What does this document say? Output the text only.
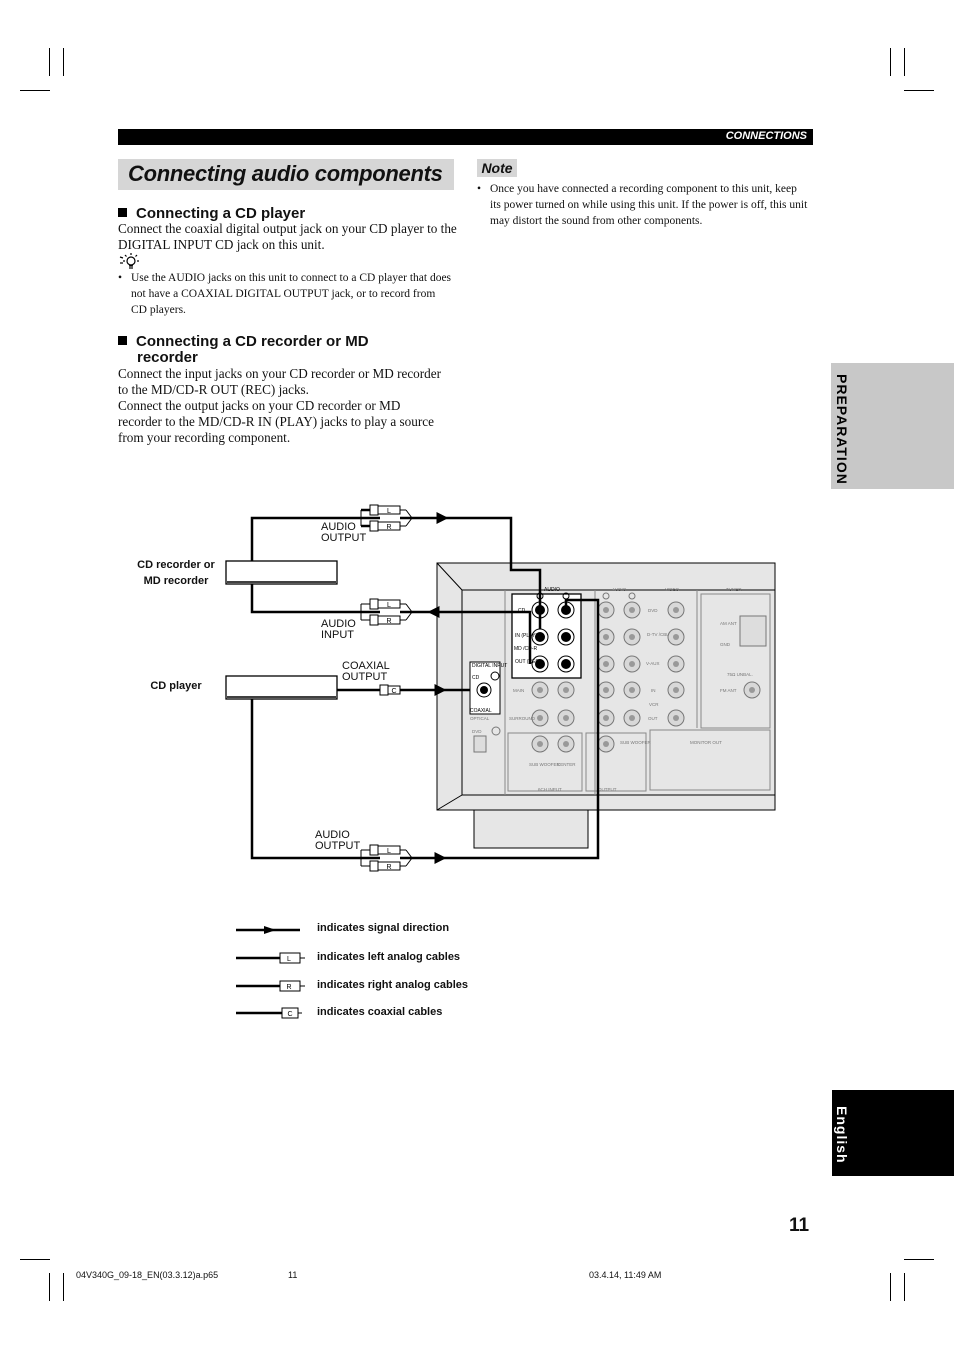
CONNECTIONS
Connecting audio components
Connecting a CD player
Connect the coaxial digital output jack on your CD player to the DIGITAL INPUT CD jack on this unit.
• Use the AUDIO jacks on this unit to connect to a CD player that does not have a COAXIAL DIGITAL OUTPUT jack, or to record from CD players.
Connecting a CD recorder or MD
recorder
Connect the input jacks on your CD recorder or MD recorder to the MD/CD-R OUT (REC) jacks.
Connect the output jacks on your CD recorder or MD recorder to the MD/CD-R IN (PLAY) jacks to play a source from your recording component.
Note
• Once you have connected a recording component to this unit, keep its power turned on while using this unit. If the power is off, this unit may distort the sound from other components.
PREPARATION
English
AUDIO
CD
IN (PLAY)
MD /CD-R
OUT (REC)
DIGITAL INPUT
CD
COAXIAL
OPTICAL
DVD
MAIN
SURROUND
SUB WOOFER
CENTER
6CH INPUT	OUTPUT
AUDIO	VIDEO	TUNER
DVD
D-TV /CBL
V-AUX
IN
VCR
OUT
AM ANT
GND
75Ω UNBAL.
FM ANT
MONITOR OUT
SUB WOOFER
L
R
L
R
C
L
R
L
R
C
CD recorder or
MD recorder
CD player
AUDIO
OUTPUT
AUDIO
INPUT
COAXIAL
OUTPUT
AUDIO
OUTPUT
indicates signal direction
indicates left analog cables
indicates right analog cables
indicates coaxial cables
11
04V340G_09-18_EN(03.3.12)a.p65	11	03.4.14, 11:49 AM
